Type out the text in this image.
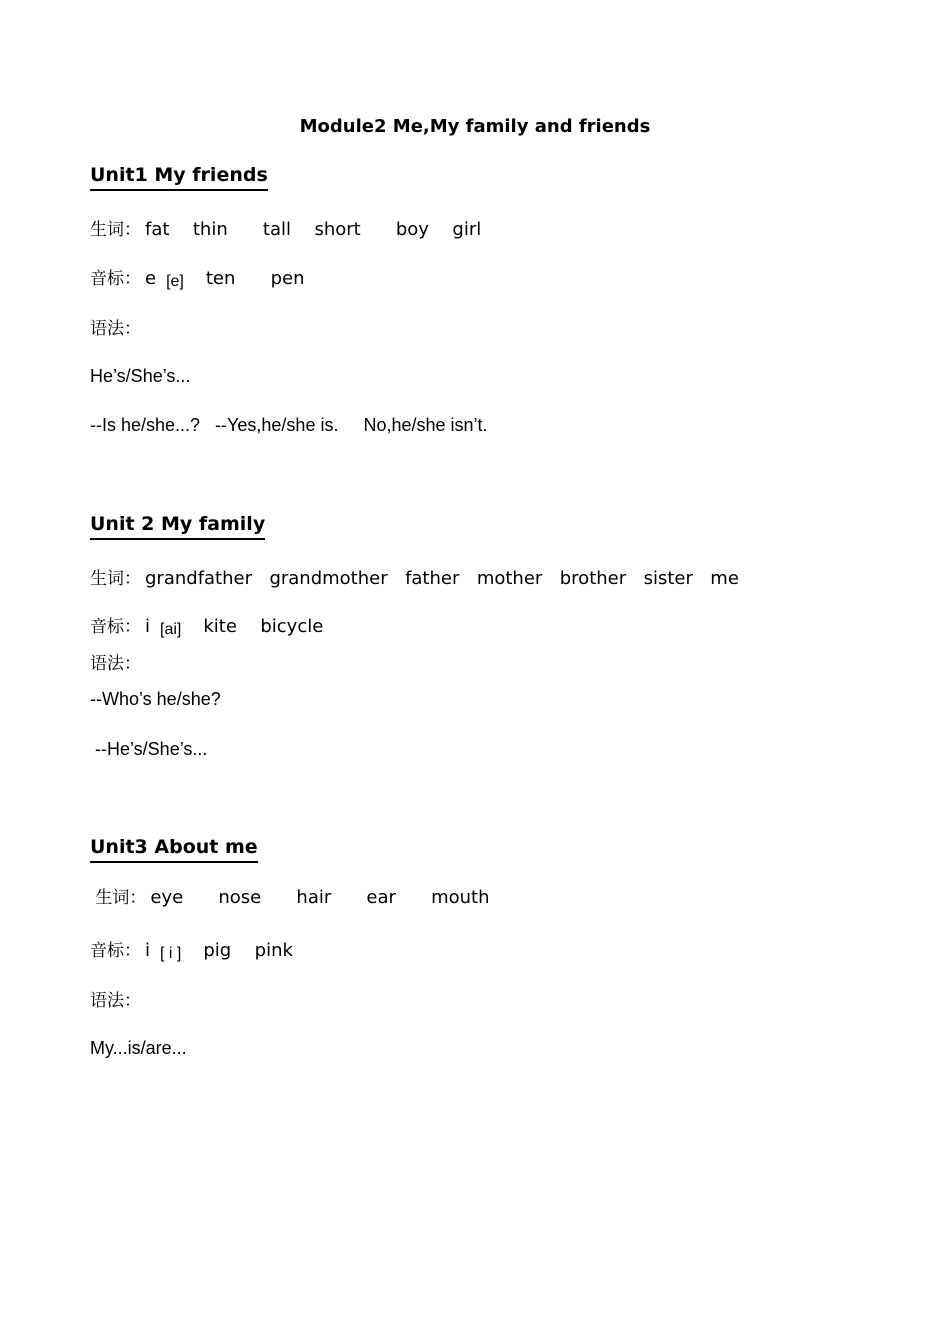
Module2 Me,My family and friends
Unit1 My friends
生词： fat  thin   tall  short   boy  girl
音标： e [e] ten   pen
语法：
He’s/She’s...
--Is he/she...?   --Yes,he/she is.     No,he/she isn’t.
Unit 2 My family
生词： grandfather  grandmother  father  mother  brother  sister  me
音标： i [ai] kite  bicycle
语法：
--Who’s he/she?
--He’s/She’s...
Unit3 About me
生词： eye   nose   hair   ear   mouth
音标： i [ i ] pig  pink
语法：
My...is/are...
